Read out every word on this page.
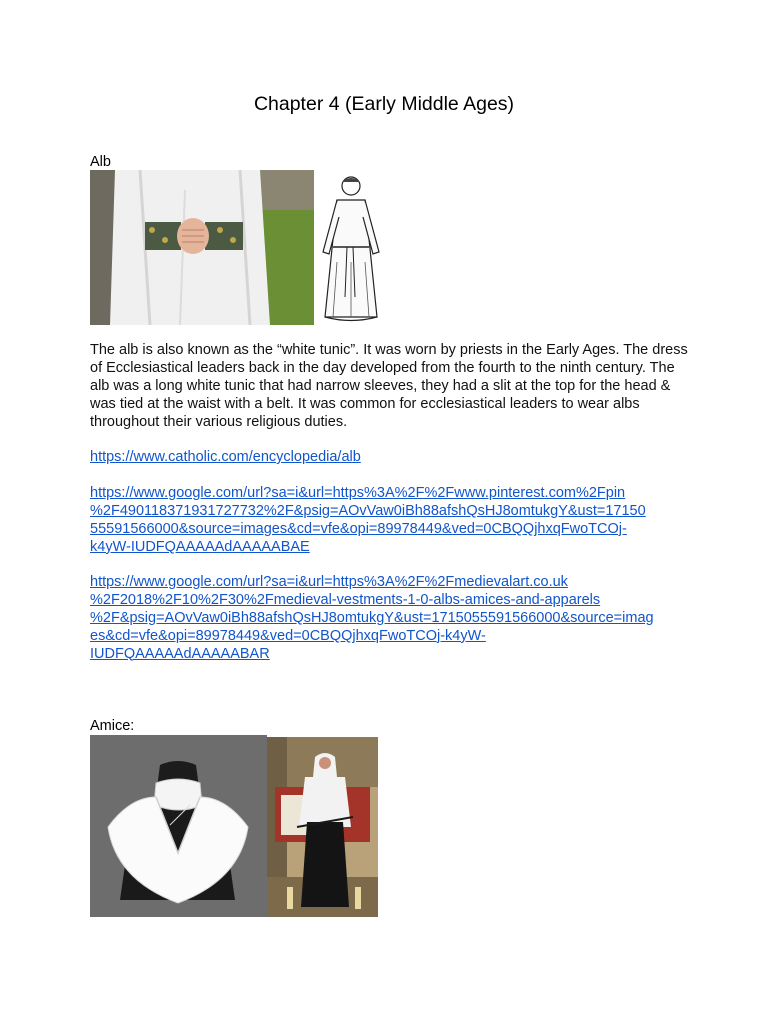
Chapter 4 (Early Middle Ages)
Alb

The alb is also known as the “white tunic”. It was worn by priests in the Early Ages. The dress of Ecclesiastical leaders back in the day developed from the fourth to the ninth century. The alb was a long white tunic that had narrow sleeves, they had a slit at the top for the head & was tied at the waist with a belt. It was common for ecclesiastical leaders to wear albs throughout their various religious duties.

https://www.catholic.com/encyclopedia/alb
https://www.google.com/url?sa=i&url=https%3A%2F%2Fwww.pinterest.com%2Fpin
%2F490118371931727732%2F&psig=AOvVaw0iBh88afshQsHJ8omtukgY&ust=17150
55591566000&source=images&cd=vfe&opi=89978449&ved=0CBQQjhxqFwoTCOj-
k4yW-IUDFQAAAAAdAAAAABAE
https://www.google.com/url?sa=i&url=https%3A%2F%2Fmedievalart.co.uk
%2F2018%2F10%2F30%2Fmedieval-vestments-1-0-albs-amices-and-apparels
%2F&psig=AOvVaw0iBh88afshQsHJ8omtukgY&ust=1715055591566000&source=imag
es&cd=vfe&opi=89978449&ved=0CBQQjhxqFwoTCOj-k4yW-
IUDFQAAAAAdAAAAABAR
Amice:
